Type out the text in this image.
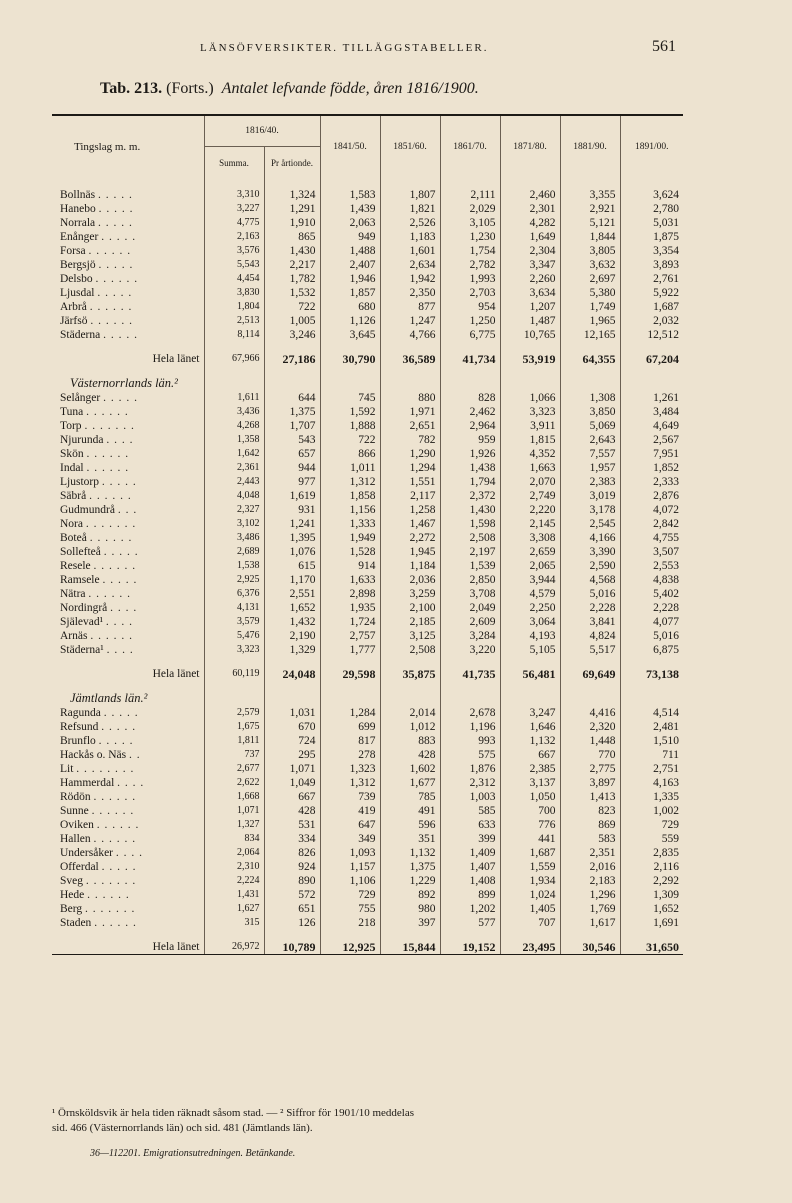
LÄNSÖFVERSIKTER. TILLÄGGSTABELLER.	561
Tab. 213. (Forts.) Antalet lefvande födde, åren 1816/1900.
Tingslag m. m.	1816/40.		1841/50.	1851/60.	1861/70.	1871/80.	1881/90.	1891/00.
	Summa.	Pr årtionde.						

Bollnäs . . . . .	3,310	1,324	1,583	1,807	2,111	2,460	3,355	3,624
Hanebo . . . . .	3,227	1,291	1,439	1,821	2,029	2,301	2,921	2,780
Norrala . . . . .	4,775	1,910	2,063	2,526	3,105	4,282	5,121	5,031
Enånger . . . . .	2,163	865	949	1,183	1,230	1,649	1,844	1,875
Forsa . . . . . .	3,576	1,430	1,488	1,601	1,754	2,304	3,805	3,354
Bergsjö . . . . .	5,543	2,217	2,407	2,634	2,782	3,347	3,632	3,893
Delsbo . . . . . .	4,454	1,782	1,946	1,942	1,993	2,260	2,697	2,761
Ljusdal . . . . .	3,830	1,532	1,857	2,350	2,703	3,634	5,380	5,922
Arbrå . . . . . .	1,804	722	680	877	954	1,207	1,749	1,687
Järfsö . . . . . .	2,513	1,005	1,126	1,247	1,250	1,487	1,965	2,032
Städerna . . . . .	8,114	3,246	3,645	4,766	6,775	10,765	12,165	12,512

Hela länet	67,966	27,186	30,790	36,589	41,734	53,919	64,355	67,204

Västernorrlands län.²								
Selånger . . . . .	1,611	644	745	880	828	1,066	1,308	1,261
Tuna . . . . . .	3,436	1,375	1,592	1,971	2,462	3,323	3,850	3,484
Torp . . . . . . .	4,268	1,707	1,888	2,651	2,964	3,911	5,069	4,649
Njurunda . . . .	1,358	543	722	782	959	1,815	2,643	2,567
Skön . . . . . .	1,642	657	866	1,290	1,926	4,352	7,557	7,951
Indal . . . . . .	2,361	944	1,011	1,294	1,438	1,663	1,957	1,852
Ljustorp . . . . .	2,443	977	1,312	1,551	1,794	2,070	2,383	2,333
Säbrå . . . . . .	4,048	1,619	1,858	2,117	2,372	2,749	3,019	2,876
Gudmundrå . . .	2,327	931	1,156	1,258	1,430	2,220	3,178	4,072
Nora . . . . . . .	3,102	1,241	1,333	1,467	1,598	2,145	2,545	2,842
Boteå . . . . . .	3,486	1,395	1,949	2,272	2,508	3,308	4,166	4,755
Sollefteå . . . . .	2,689	1,076	1,528	1,945	2,197	2,659	3,390	3,507
Resele . . . . . .	1,538	615	914	1,184	1,539	2,065	2,590	2,553
Ramsele . . . . .	2,925	1,170	1,633	2,036	2,850	3,944	4,568	4,838
Nätra . . . . . .	6,376	2,551	2,898	3,259	3,708	4,579	5,016	5,402
Nordingrå . . . .	4,131	1,652	1,935	2,100	2,049	2,250	2,228	2,228
Själevad¹ . . . .	3,579	1,432	1,724	2,185	2,609	3,064	3,841	4,077
Arnäs . . . . . .	5,476	2,190	2,757	3,125	3,284	4,193	4,824	5,016
Städerna¹ . . . .	3,323	1,329	1,777	2,508	3,220	5,105	5,517	6,875

Hela länet	60,119	24,048	29,598	35,875	41,735	56,481	69,649	73,138

Jämtlands län.²								
Ragunda . . . . .	2,579	1,031	1,284	2,014	2,678	3,247	4,416	4,514
Refsund . . . . .	1,675	670	699	1,012	1,196	1,646	2,320	2,481
Brunflo . . . . .	1,811	724	817	883	993	1,132	1,448	1,510
Hackås o. Näs . .	737	295	278	428	575	667	770	711
Lit . . . . . . . .	2,677	1,071	1,323	1,602	1,876	2,385	2,775	2,751
Hammerdal . . . .	2,622	1,049	1,312	1,677	2,312	3,137	3,897	4,163
Rödön . . . . . .	1,668	667	739	785	1,003	1,050	1,413	1,335
Sunne . . . . . .	1,071	428	419	491	585	700	823	1,002
Oviken . . . . . .	1,327	531	647	596	633	776	869	729
Hallen . . . . . .	834	334	349	351	399	441	583	559
Undersåker . . . .	2,064	826	1,093	1,132	1,409	1,687	2,351	2,835
Offerdal . . . . .	2,310	924	1,157	1,375	1,407	1,559	2,016	2,116
Sveg . . . . . . .	2,224	890	1,106	1,229	1,408	1,934	2,183	2,292
Hede . . . . . .	1,431	572	729	892	899	1,024	1,296	1,309
Berg . . . . . . .	1,627	651	755	980	1,202	1,405	1,769	1,652
Staden . . . . . .	315	126	218	397	577	707	1,617	1,691

Hela länet	26,972	10,789	12,925	15,844	19,152	23,495	30,546	31,650
¹ Örnsköldsvik är hela tiden räknadt såsom stad. — ² Siffror för 1901/10 meddelas
sid. 466 (Västernorrlands län) och sid. 481 (Jämtlands län).
36—112201. Emigrationsutredningen. Betänkande.
